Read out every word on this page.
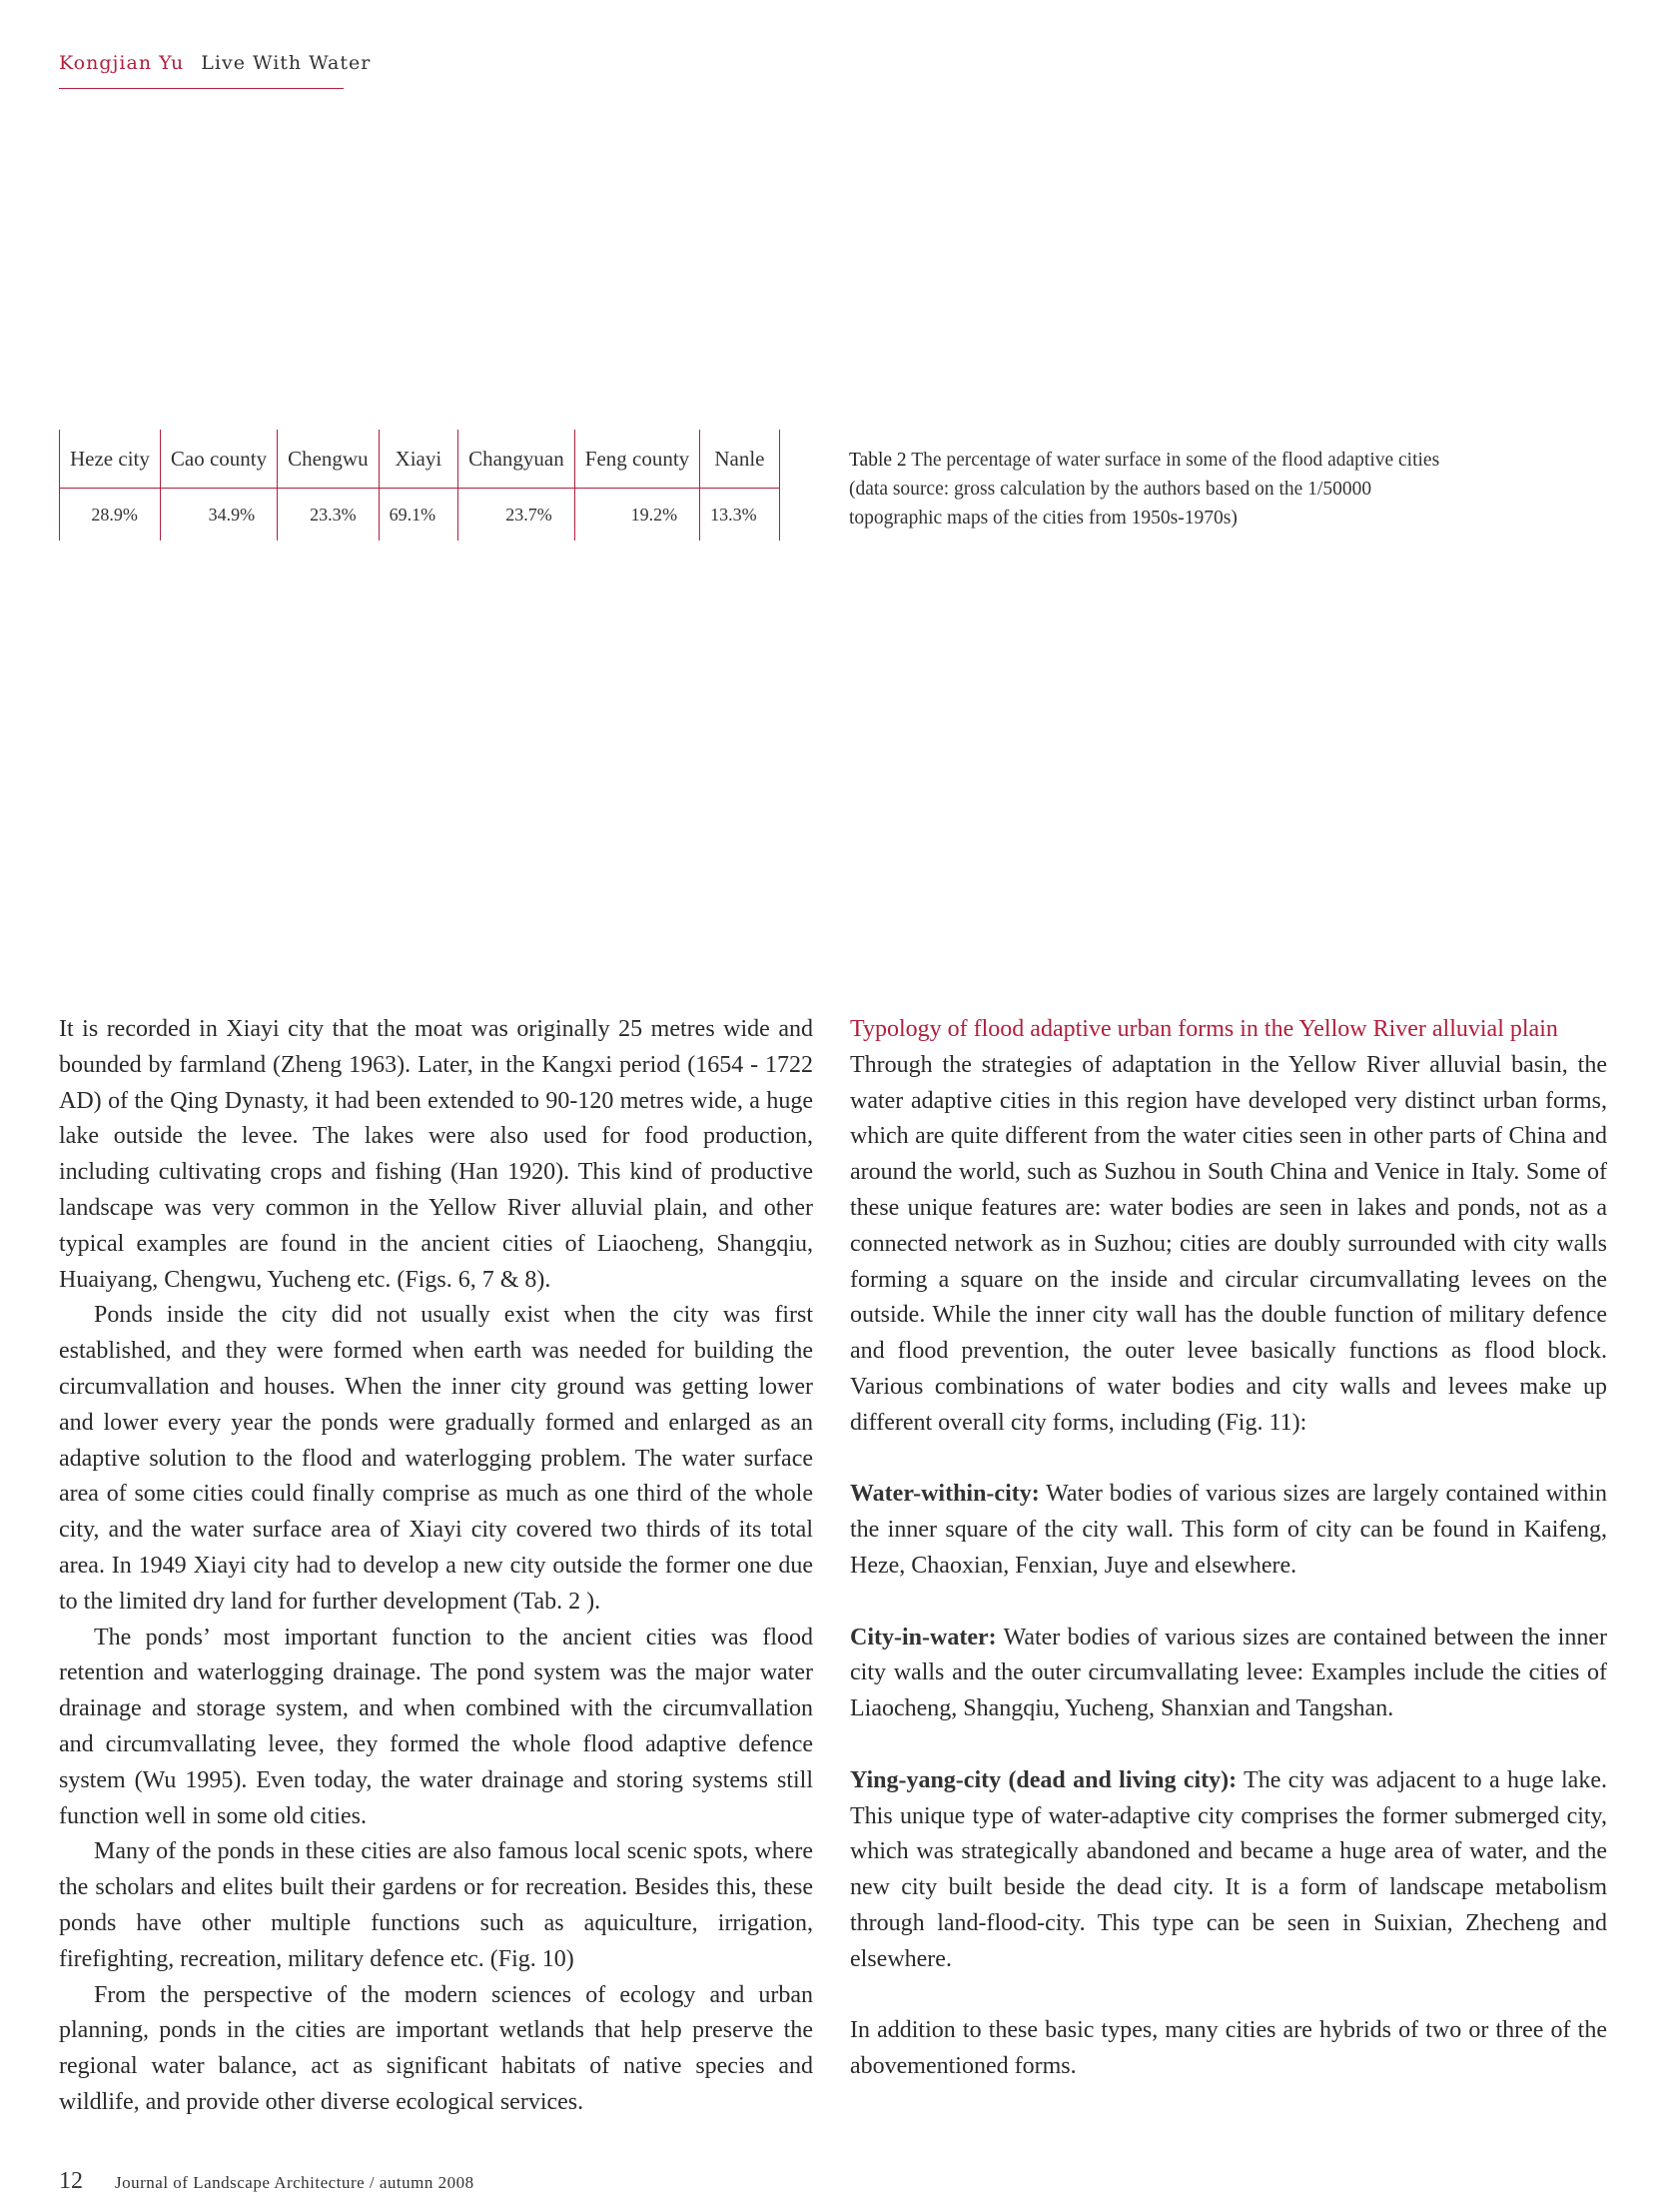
Kongjian Yu Live With Water
Heze city	Cao county	Chengwu	Xiayi	Changyuan	Feng county	Nanle
28.9%	34.9%	23.3%	69.1%	23.7%	19.2%	13.3%
Table 2 The percentage of water surface in some of the flood adaptive cities (data source: gross calculation by the authors based on the 1/50000 topographic maps of the cities from 1950s-1970s)

It is recorded in Xiayi city that the moat was originally 25 metres wide and bounded by farmland (Zheng 1963). Later, in the Kangxi period (1654 - 1722 AD) of the Qing Dynasty, it had been extended to 90-120 metres wide, a huge lake outside the levee. The lakes were also used for food production, including cultivating crops and fishing (Han 1920). This kind of productive landscape was very common in the Yellow River alluvial plain, and other typical examples are found in the ancient cities of Liaocheng, Shangqiu, Huaiyang, Chengwu, Yucheng etc. (Figs. 6, 7 & 8).

Ponds inside the city did not usually exist when the city was first established, and they were formed when earth was needed for building the circumvallation and houses. When the inner city ground was getting lower and lower every year the ponds were gradually formed and enlarged as an adaptive solution to the flood and waterlogging problem. The water surface area of some cities could finally comprise as much as one third of the whole city, and the water surface area of Xiayi city covered two thirds of its total area. In 1949 Xiayi city had to develop a new city outside the former one due to the limited dry land for further development (Tab. 2 ).

The ponds’ most important function to the ancient cities was flood retention and waterlogging drainage. The pond system was the major water drainage and storage system, and when combined with the circumvallation and circumvallating levee, they formed the whole flood adaptive defence system (Wu 1995). Even today, the water drainage and storing systems still function well in some old cities.

Many of the ponds in these cities are also famous local scenic spots, where the scholars and elites built their gardens or for recreation. Besides this, these ponds have other multiple functions such as aquiculture, irrigation, firefighting, recreation, military defence etc. (Fig. 10)

From the perspective of the modern sciences of ecology and urban planning, ponds in the cities are important wetlands that help preserve the regional water balance, act as significant habitats of native species and wildlife, and provide other diverse ecological services.

Typology of flood adaptive urban forms in the Yellow River alluvial plain

Through the strategies of adaptation in the Yellow River alluvial basin, the water adaptive cities in this region have developed very distinct urban forms, which are quite different from the water cities seen in other parts of China and around the world, such as Suzhou in South China and Venice in Italy. Some of these unique features are: water bodies are seen in lakes and ponds, not as a connected network as in Suzhou; cities are doubly surrounded with city walls forming a square on the inside and circular circumvallating levees on the outside. While the inner city wall has the double function of military defence and flood prevention, the outer levee basically functions as flood block. Various combinations of water bodies and city walls and levees make up different overall city forms, including (Fig. 11):

Water-within-city: Water bodies of various sizes are largely contained within the inner square of the city wall. This form of city can be found in Kaifeng, Heze, Chaoxian, Fenxian, Juye and elsewhere.

City-in-water: Water bodies of various sizes are contained between the inner city walls and the outer circumvallating levee: Examples include the cities of Liaocheng, Shangqiu, Yucheng, Shanxian and Tangshan.

Ying-yang-city (dead and living city): The city was adjacent to a huge lake. This unique type of water-adaptive city comprises the former submerged city, which was strategically abandoned and became a huge area of water, and the new city built beside the dead city. It is a form of landscape metabolism through land-flood-city. This type can be seen in Suixian, Zhecheng and elsewhere.

In addition to these basic types, many cities are hybrids of two or three of the abovementioned forms.

12 Journal of Landscape Architecture / autumn 2008
